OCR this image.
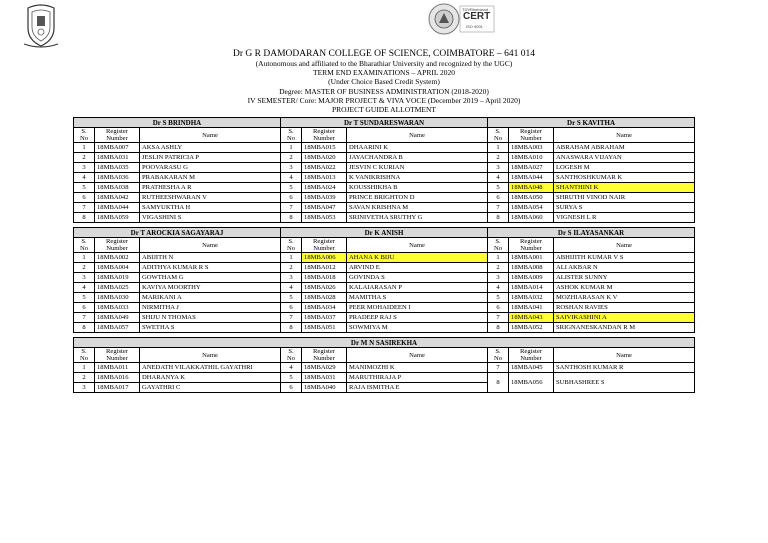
TÜVRheinland
CERT
ISO 9001
Dr G R DAMODARAN COLLEGE OF SCIENCE, COIMBATORE – 641 014
(Autonomous and affiliated to the Bharathiar University and recognized by the UGC)
TERM END EXAMINATIONS – APRIL 2020
(Under Choice Based Credit System)
Degree: MASTER OF BUSINESS ADMINISTRATION (2018-2020)
IV SEMESTER/ Core: MAJOR PROJECT & VIVA VOCE (December 2019 – April 2020)
PROJECT GUIDE ALLOTMENT
Dr S BRINDHA			Dr T SUNDARESWARAN			Dr S KAVITHA		
S.
No	Register
Number	Name	S.
No	Register
Number	Name	S.
No	Register
Number	Name
1	18MBA007	AKSA ASHLY	1	18MBA015	DHAARINI K	1	18MBA003	ABRAHAM ABRAHAM
2	18MBA031	JESLIN PATRICIA P	2	18MBA020	JAYACHANDRA B	2	18MBA010	ANASWARA VIJAYAN
3	18MBA035	POOVARASU G	3	18MBA022	JESVIN C KURIAN	3	18MBA027	LOGESH M
4	18MBA036	PRABAKARAN M	4	18MBA013	K VANIKRISHNA	4	18MBA044	SANTHOSHKUMAR K
5	18MBA038	PRATHESHA A R	5	18MBA024	KOUSSHIKHA B	5	18MBA048	SHANTHINI K
6	18MBA042	RUTHEESHWARAN V	6	18MBA039	PRINCE BRIGHTON D	6	18MBA050	SHRUTHI VINOD NAIR
7	18MBA044	SAMYUKTHA H	7	18MBA047	SAVAN KRISHNA M	7	18MBA054	SURYA S
8	18MBA059	VIGASHINI S	8	18MBA053	SRINIVETHA SRUTHY G	8	18MBA060	VIGNESH L R
Dr T AROCKIA SAGAYARAJ			Dr K ANISH			Dr S ILAYASANKAR		
S.
No	Register
Number	Name	S.
No	Register
Number	Name	S.
No	Register
Number	Name
1	18MBA002	ABIJITH N	1	18MBA006	AHANA K BIJU	1	18MBA001	ABHIJITH KUMAR V S
2	18MBA004	ADITHYA KUMAR R S	2	18MBA012	ARVIND E	2	18MBA008	ALI AKBAR N
3	18MBA019	GOWTHAM G	3	18MBA018	GOVINDA S	3	18MBA009	ALISTER SUNNY
4	18MBA025	KAVIYA MOORTHY	4	18MBA026	KALAIARASAN P	4	18MBA014	ASHOK KUMAR M
5	18MBA030	MARIKANI A	5	18MBA028	MAMITHA S	5	18MBA032	MOZHIARASAN K V
6	18MBA033	NIRMITHA J	6	18MBA034	PEER MOHAIDEEN I	6	18MBA041	ROSHAN RAVIES
7	18MBA049	SHIJU N THOMAS	7	18MBA037	PRADEEP RAJ S	7	18MBA043	SAIVIKASHINI A
8	18MBA057	SWETHA S	8	18MBA051	SOWMIYA M	8	18MBA052	SRIGNANESKANDAN R M
Dr M N SASIREKHA								
S.
No	Register
Number	Name	S.
No	Register
Number	Name	S.
No	Register
Number	Name
1	18MBA011	ANEDATH VILAKKATHIL GAYATHRI	4	18MBA029	MANIMOZHI K	7	18MBA045	SANTHOSH KUMAR R
2	18MBA016	DHARANYA K	5	18MBA031	MARUTHIRAJA P	8	18MBA056	SUBHASHREE S
3	18MBA017	GAYATHRI C	6	18MBA040	RAJA ISMITHA E			
